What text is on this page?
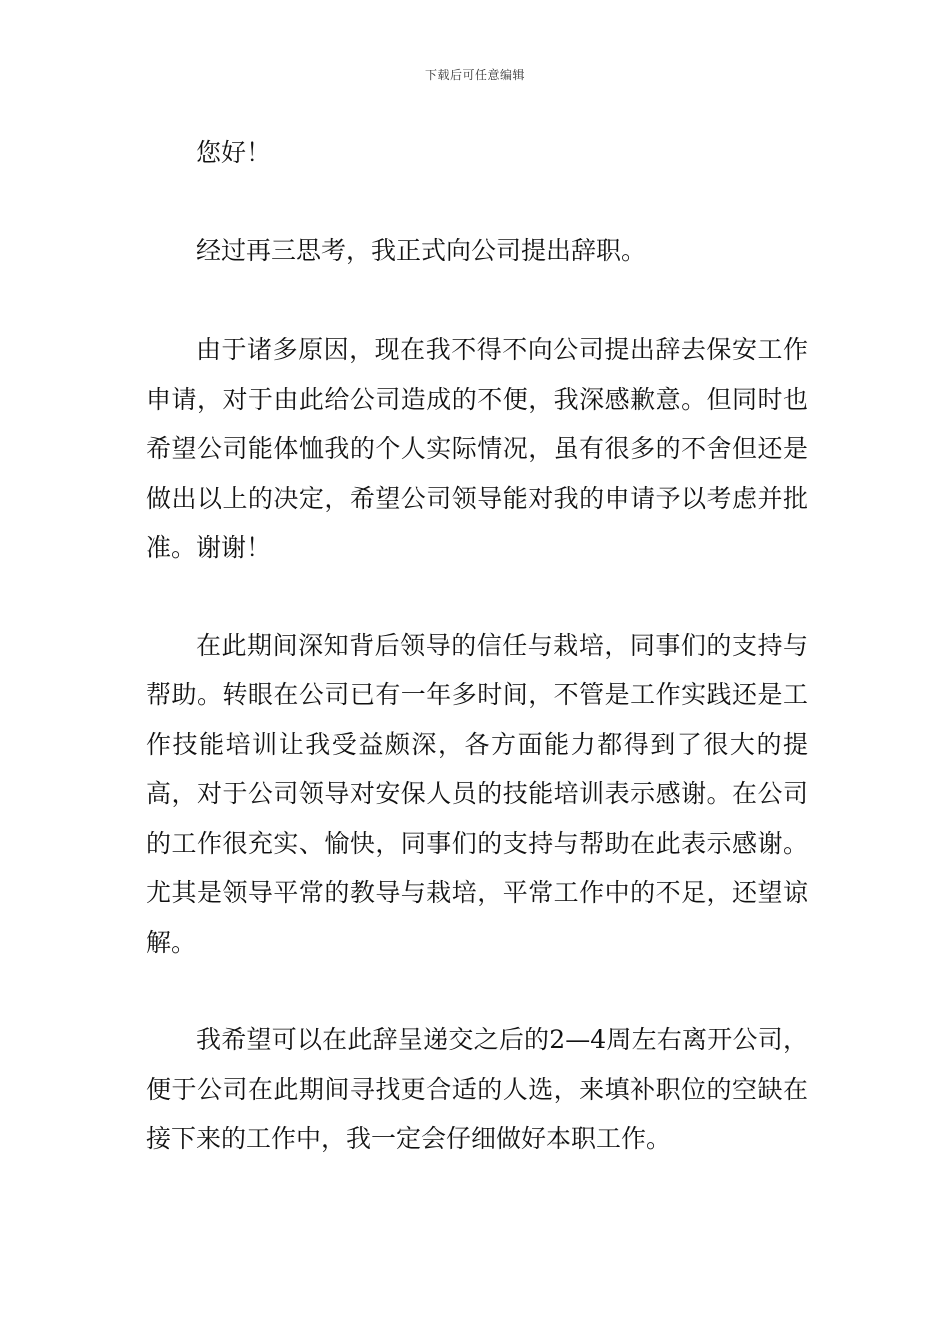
下载后可任意编辑

您好！

经过再三思考，我正式向公司提出辞职。

由于诸多原因，现在我不得不向公司提出辞去保安工作申请，对于由此给公司造成的不便，我深感歉意。但同时也希望公司能体恤我的个人实际情况，虽有很多的不舍但还是做出以上的决定，希望公司领导能对我的申请予以考虑并批准。谢谢！

在此期间深知背后领导的信任与栽培，同事们的支持与帮助。转眼在公司已有一年多时间，不管是工作实践还是工作技能培训让我受益颇深，各方面能力都得到了很大的提高，对于公司领导对安保人员的技能培训表示感谢。在公司的工作很充实、愉快，同事们的支持与帮助在此表示感谢。尤其是领导平常的教导与栽培，平常工作中的不足，还望谅解。

我希望可以在此辞呈递交之后的2—4周左右离开公司，便于公司在此期间寻找更合适的人选，来填补职位的空缺在接下来的工作中，我一定会仔细做好本职工作。
